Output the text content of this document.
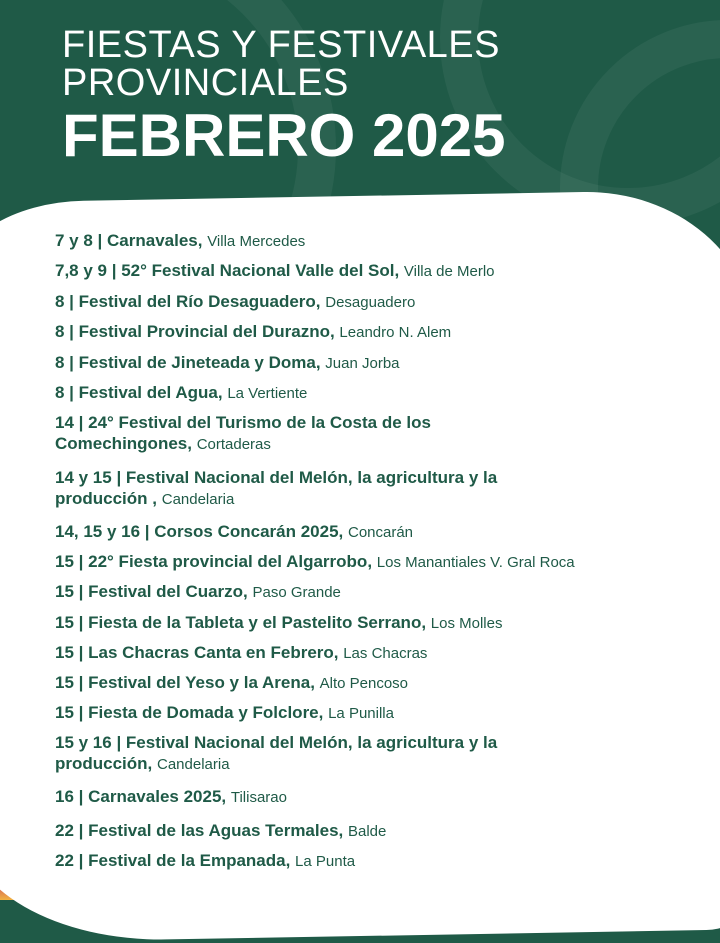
FIESTAS Y FESTIVALES
PROVINCIALES
FEBRERO 2025
7 y 8 | Carnavales, Villa Mercedes
7,8 y 9 | 52° Festival Nacional Valle del Sol, Villa de Merlo
8 | Festival del Río Desaguadero, Desaguadero
8 | Festival Provincial del Durazno, Leandro N. Alem
8 | Festival de Jineteada y Doma, Juan Jorba
8 | Festival del Agua, La Vertiente
14 | 24° Festival del Turismo de la Costa de los Comechingones, Cortaderas
14 y 15 | Festival Nacional del Melón, la agricultura y la producción , Candelaria
14, 15 y 16 | Corsos Concarán 2025, Concarán
15 | 22° Fiesta provincial del Algarrobo, Los Manantiales V. Gral Roca
15 | Festival del Cuarzo, Paso Grande
15 | Fiesta de la Tableta y el Pastelito Serrano, Los Molles
15 | Las Chacras Canta en Febrero, Las Chacras
15 | Festival del Yeso y la Arena, Alto Pencoso
15 | Fiesta de Domada y Folclore, La Punilla
15 y 16 | Festival Nacional del Melón, la agricultura y la producción, Candelaria
16 | Carnavales 2025, Tilisarao
22 | Festival de las Aguas Termales, Balde
22 | Festival de la Empanada, La Punta
